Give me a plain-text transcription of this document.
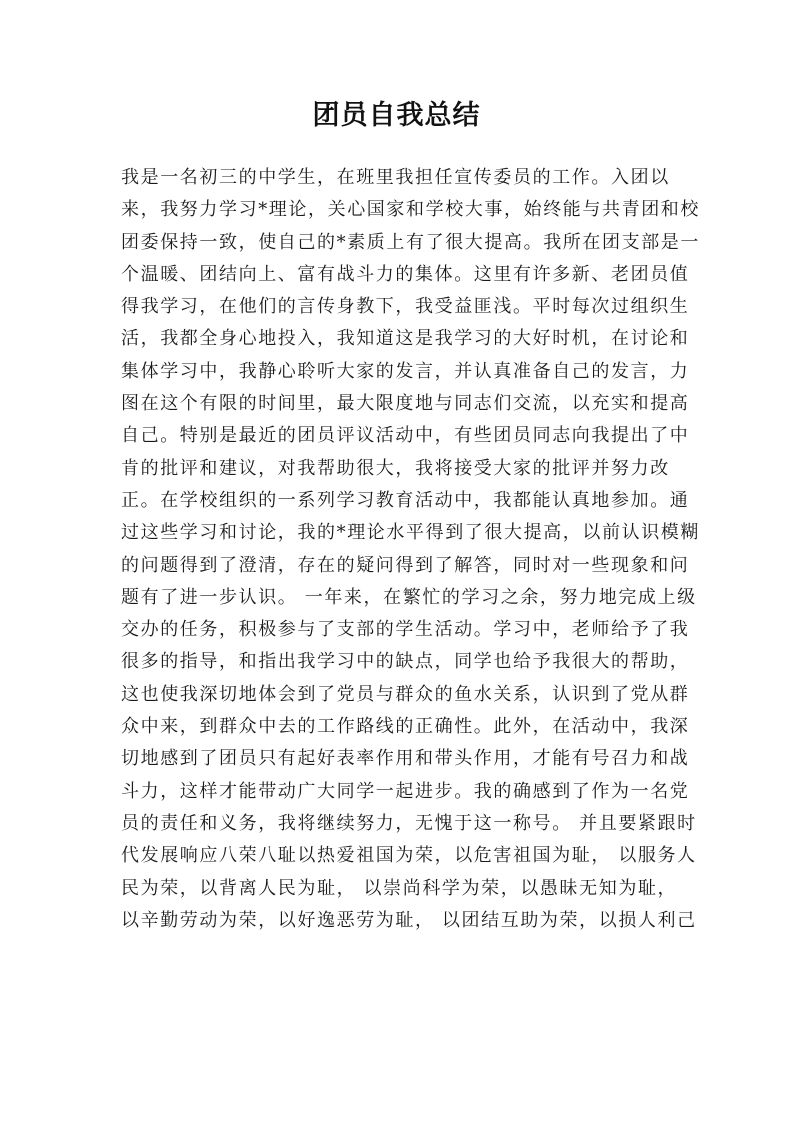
团员自我总结
我是一名初三的中学生，在班里我担任宣传委员的工作。入团以
来，我努力学习*理论，关心国家和学校大事，始终能与共青团和校
团委保持一致，使自己的*素质上有了很大提高。我所在团支部是一
个温暖、团结向上、富有战斗力的集体。这里有许多新、老团员值
得我学习，在他们的言传身教下，我受益匪浅。平时每次过组织生
活，我都全身心地投入，我知道这是我学习的大好时机，在讨论和
集体学习中，我静心聆听大家的发言，并认真准备自己的发言，力
图在这个有限的时间里，最大限度地与同志们交流，以充实和提高
自己。特别是最近的团员评议活动中，有些团员同志向我提出了中
肯的批评和建议，对我帮助很大，我将接受大家的批评并努力改
正。在学校组织的一系列学习教育活动中，我都能认真地参加。通
过这些学习和讨论，我的*理论水平得到了很大提高，以前认识模糊
的问题得到了澄清，存在的疑问得到了解答，同时对一些现象和问
题有了进一步认识。 一年来，在繁忙的学习之余，努力地完成上级
交办的任务，积极参与了支部的学生活动。学习中，老师给予了我
很多的指导，和指出我学习中的缺点，同学也给予我很大的帮助，
这也使我深切地体会到了党员与群众的鱼水关系，认识到了党从群
众中来，到群众中去的工作路线的正确性。此外，在活动中，我深
切地感到了团员只有起好表率作用和带头作用，才能有号召力和战
斗力，这样才能带动广大同学一起进步。我的确感到了作为一名党
员的责任和义务，我将继续努力，无愧于这一称号。 并且要紧跟时
代发展响应八荣八耻以热爱祖国为荣，以危害祖国为耻， 以服务人
民为荣，以背离人民为耻， 以崇尚科学为荣，以愚昧无知为耻，
以辛勤劳动为荣，以好逸恶劳为耻， 以团结互助为荣，以损人利己
